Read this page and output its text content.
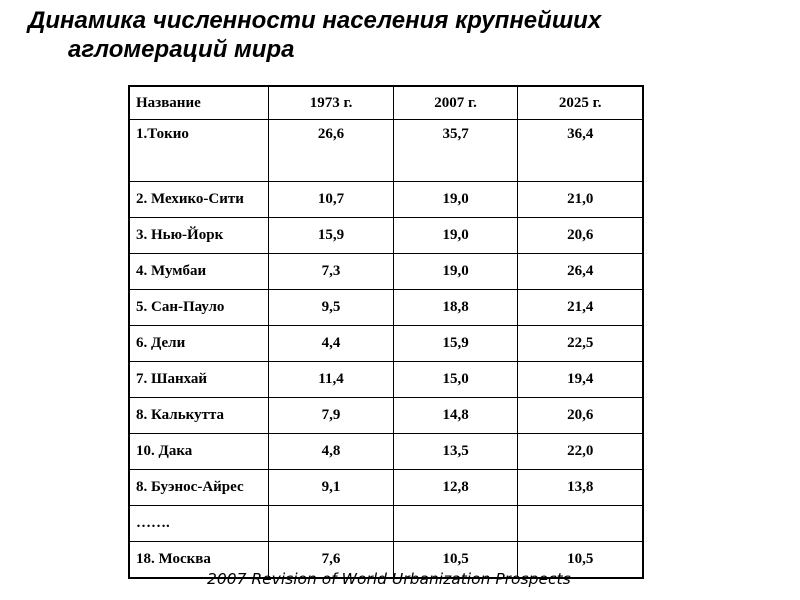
Динамика численности населения крупнейших
агломераций мира
Название	1973 г.	2007 г.	2025 г.
1.Токио	26,6	35,7	36,4
2. Мехико-Сити	10,7	19,0	21,0
3. Нью-Йорк	15,9	19,0	20,6
4. Мумбаи	7,3	19,0	26,4
5. Сан-Пауло	9,5	18,8	21,4
6. Дели	4,4	15,9	22,5
7. Шанхай	11,4	15,0	19,4
8. Калькутта	7,9	14,8	20,6
10. Дака	4,8	13,5	22,0
8. Буэнос-Айрес	9,1	12,8	13,8
…….			
18. Москва	7,6	10,5	10,5
2007 Revision of World Urbanization Prospects
